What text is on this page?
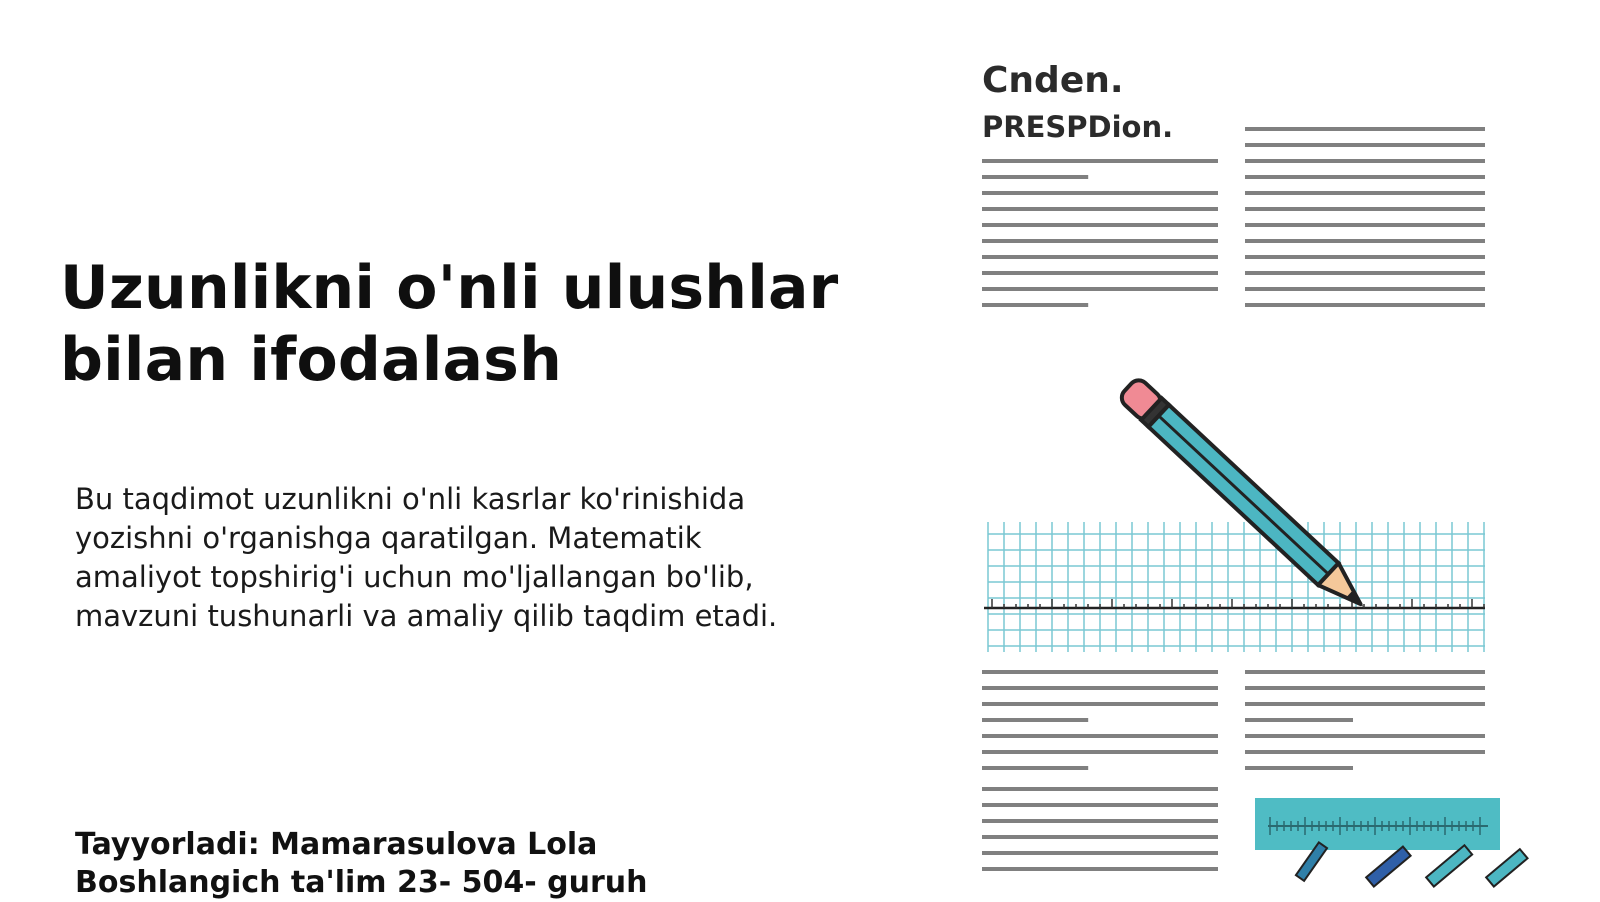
Uzunlikni o'nli ulushlar
bilan ifodalash

Bu taqdimot uzunlikni o'nli kasrlar ko'rinishida yozishni o'rganishga qaratilgan. Matematik amaliyot topshirig'i uchun mo'ljallangan bo'lib, mavzuni tushunarli va amaliy qilib taqdim etadi.

Tayyorladi: Mamarasulova Lola
Boshlangich ta'lim 23- 504- guruh
Cnden.
PRESPDion.
